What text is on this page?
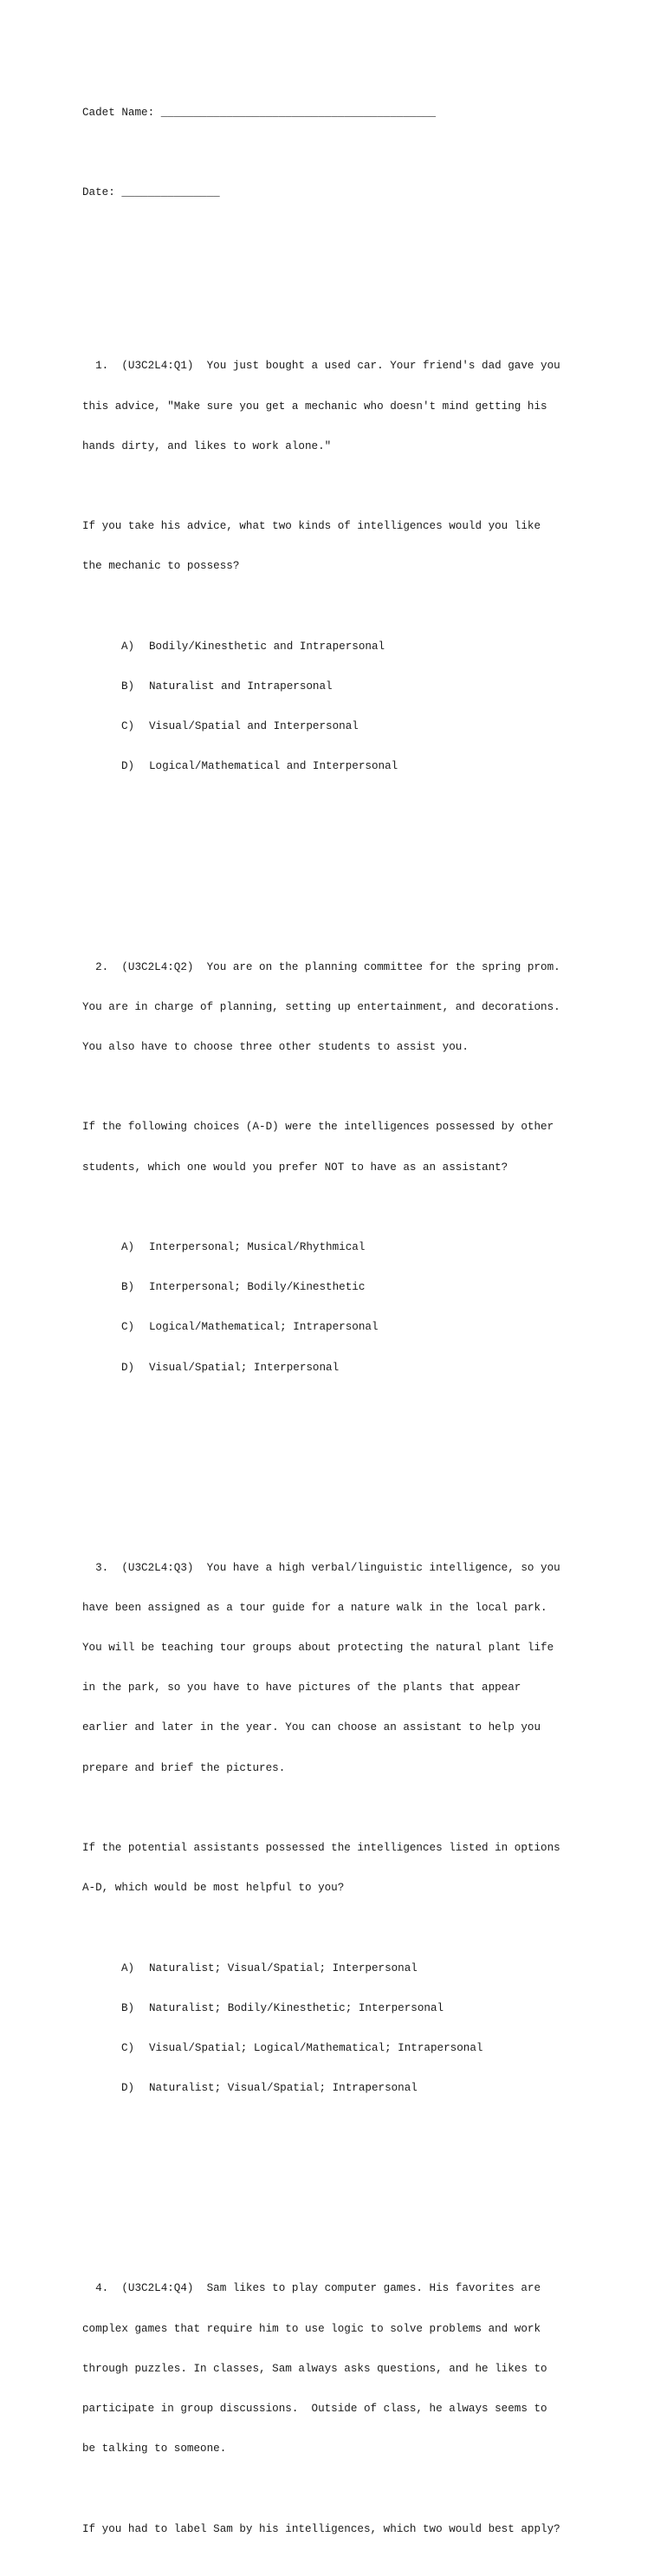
Cadet Name: __________________________________________

Date: _______________

1.  (U3C2L4:Q1)  You just bought a used car. Your friend's dad gave you

this advice, "Make sure you get a mechanic who doesn't mind getting his

hands dirty, and likes to work alone."

If you take his advice, what two kinds of intelligences would you like

the mechanic to possess?

A) Bodily/Kinesthetic and Intrapersonal

B) Naturalist and Intrapersonal

C) Visual/Spatial and Interpersonal

D) Logical/Mathematical and Interpersonal

2.  (U3C2L4:Q2)  You are on the planning committee for the spring prom.

You are in charge of planning, setting up entertainment, and decorations.

You also have to choose three other students to assist you.

If the following choices (A-D) were the intelligences possessed by other

students, which one would you prefer NOT to have as an assistant?

A) Interpersonal; Musical/Rhythmical

B) Interpersonal; Bodily/Kinesthetic

C) Logical/Mathematical; Intrapersonal

D) Visual/Spatial; Interpersonal

3.  (U3C2L4:Q3)  You have a high verbal/linguistic intelligence, so you

have been assigned as a tour guide for a nature walk in the local park.

You will be teaching tour groups about protecting the natural plant life

in the park, so you have to have pictures of the plants that appear

earlier and later in the year. You can choose an assistant to help you

prepare and brief the pictures.

If the potential assistants possessed the intelligences listed in options

A-D, which would be most helpful to you?

A) Naturalist; Visual/Spatial; Interpersonal

B) Naturalist; Bodily/Kinesthetic; Interpersonal

C) Visual/Spatial; Logical/Mathematical; Intrapersonal

D) Naturalist; Visual/Spatial; Intrapersonal

4.  (U3C2L4:Q4)  Sam likes to play computer games. His favorites are

complex games that require him to use logic to solve problems and work

through puzzles. In classes, Sam always asks questions, and he likes to

participate in group discussions.  Outside of class, he always seems to

be talking to someone.

If you had to label Sam by his intelligences, which two would best apply?
